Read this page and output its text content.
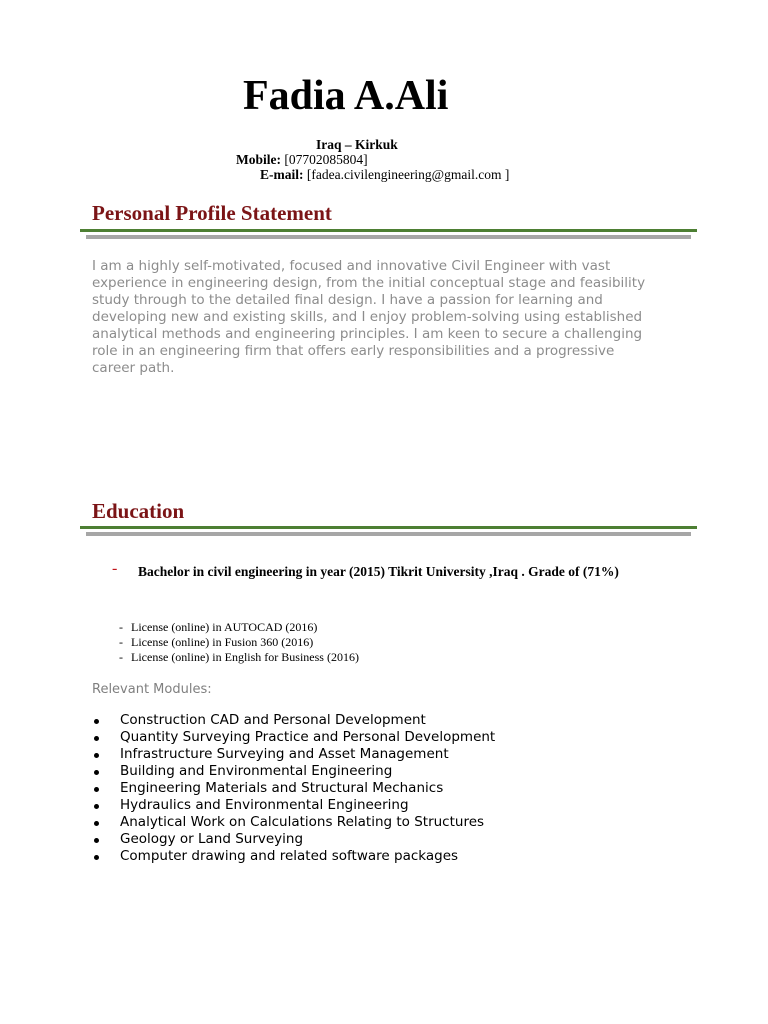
Fadia A.Ali
Iraq – Kirkuk
Mobile: [07702085804]
E-mail: [fadea.civilengineering@gmail.com ]
Personal Profile Statement

I am a highly self-motivated, focused and innovative Civil Engineer with vast experience in engineering design, from the initial conceptual stage and feasibility study through to the detailed final design. I have a passion for learning and developing new and existing skills, and I enjoy problem-solving using established analytical methods and engineering principles. I am keen to secure a challenging role in an engineering firm that offers early responsibilities and a progressive career path.

Education
-	Bachelor in civil engineering in year (2015) Tikrit University ,Iraq . Grade of (71%)
- License (online) in AUTOCAD (2016)
- License (online) in Fusion 360 (2016)
- License (online) in English for Business (2016)

Relevant Modules:

Construction CAD and Personal Development
Quantity Surveying Practice and Personal Development
Infrastructure Surveying and Asset Management
Building and Environmental Engineering
Engineering Materials and Structural Mechanics
Hydraulics and Environmental Engineering
Analytical Work on Calculations Relating to Structures
Geology or Land Surveying
Computer drawing and related software packages
